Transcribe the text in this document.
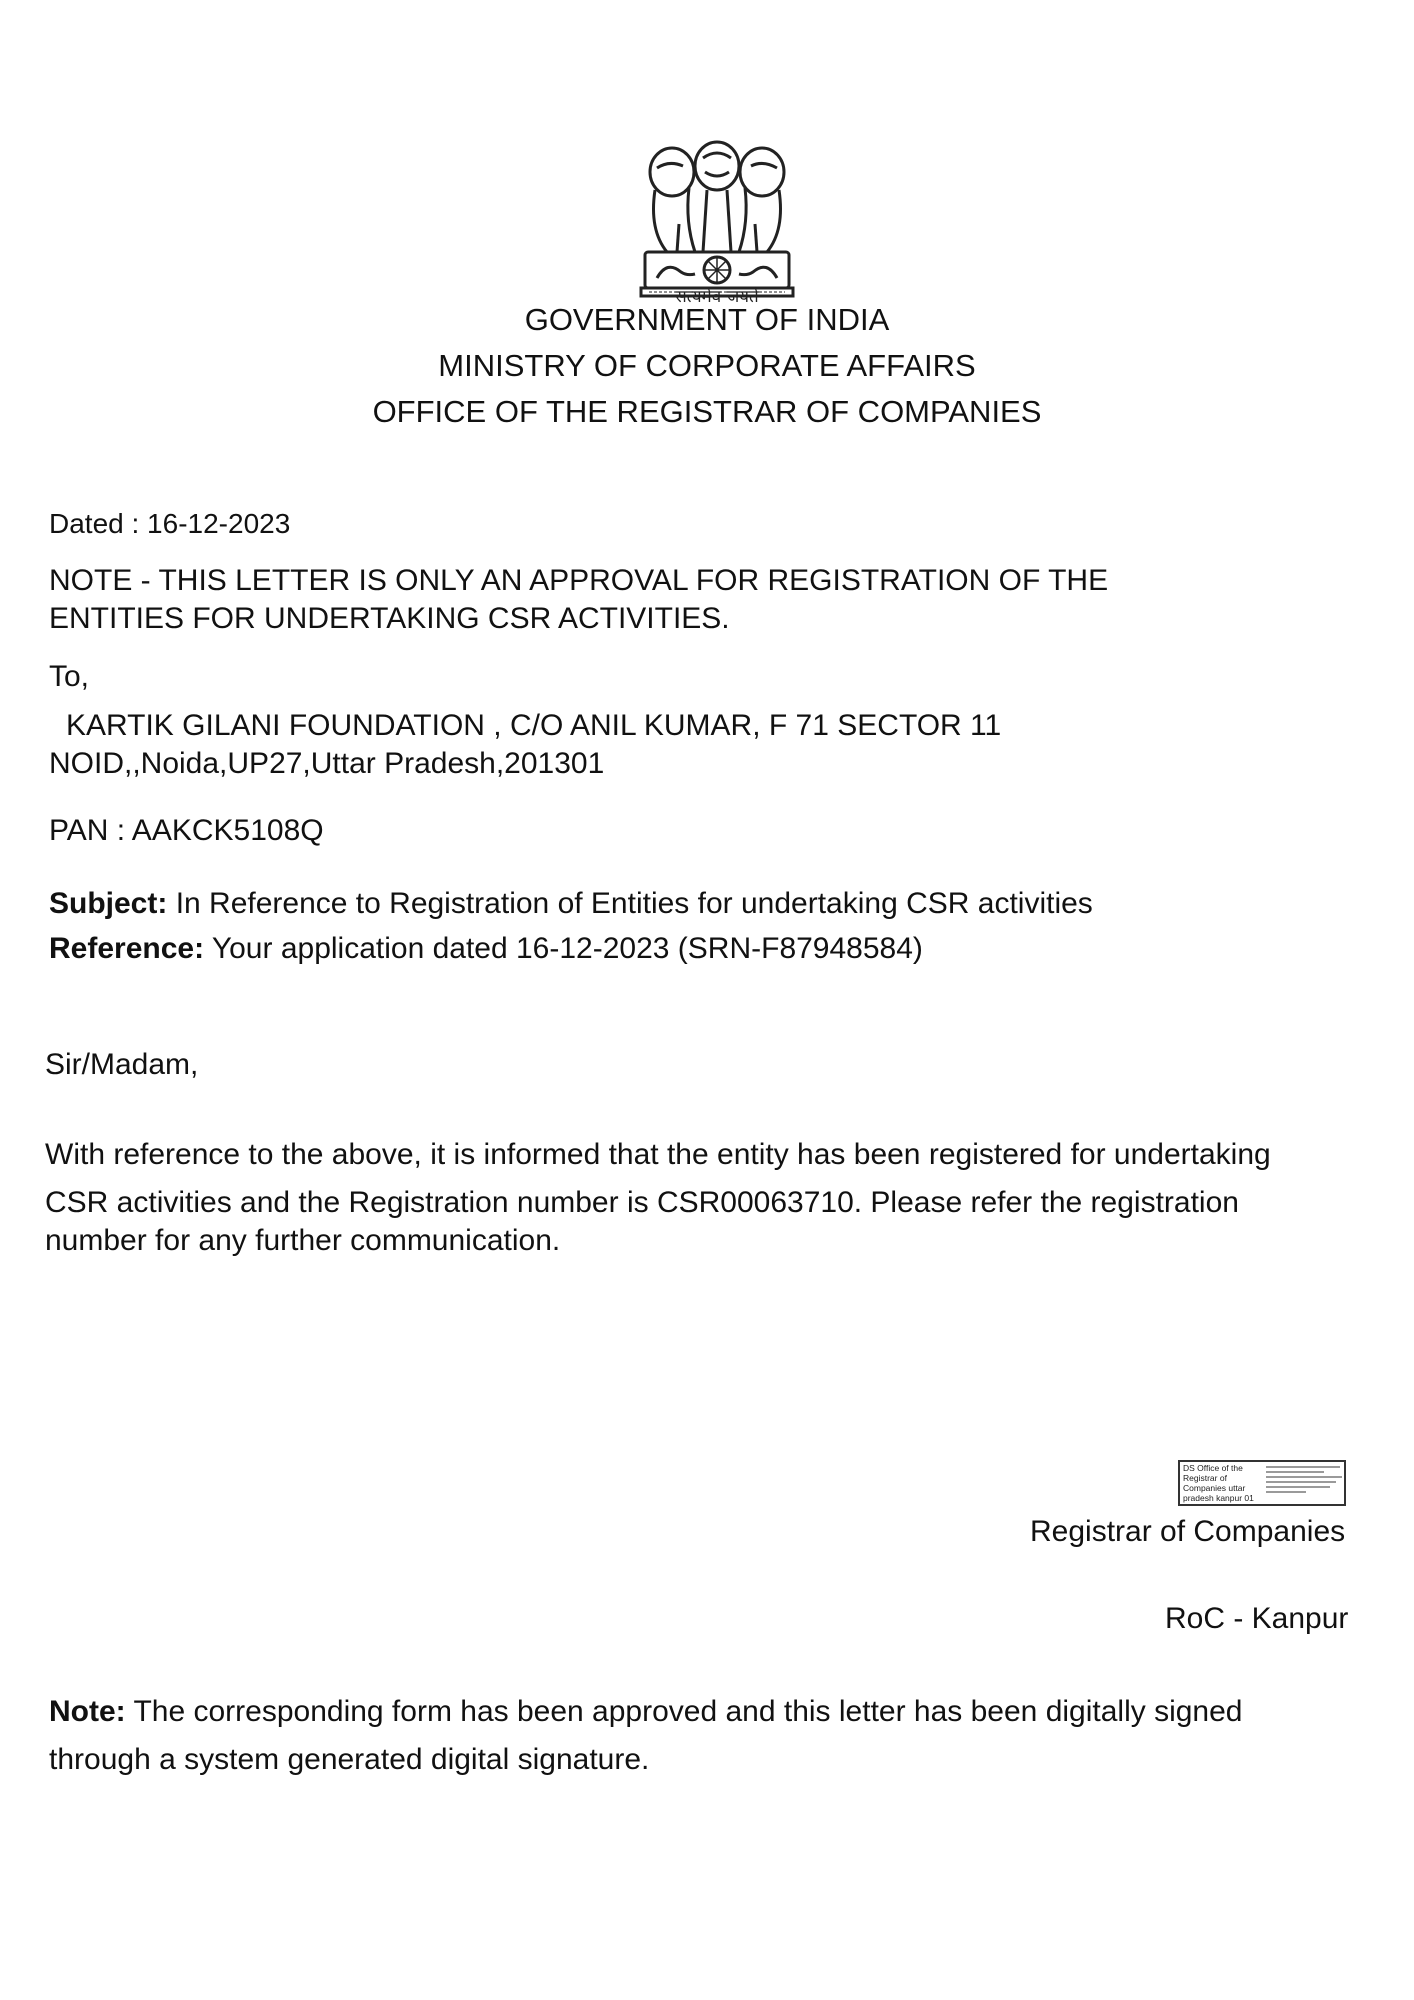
सत्यमेव जयते
GOVERNMENT OF INDIA
MINISTRY OF CORPORATE AFFAIRS
OFFICE OF THE REGISTRAR OF COMPANIES
Dated : 16-12-2023
NOTE - THIS LETTER IS ONLY AN APPROVAL FOR REGISTRATION OF THE
ENTITIES FOR UNDERTAKING CSR ACTIVITIES.
To,
KARTIK GILANI FOUNDATION , C/O ANIL KUMAR, F 71 SECTOR 11
NOID,,Noida,UP27,Uttar Pradesh,201301
PAN : AAKCK5108Q
Subject: In Reference to Registration of Entities for undertaking CSR activities
Reference: Your application dated 16-12-2023 (SRN-F87948584)
Sir/Madam,
With reference to the above, it is informed that the entity has been registered for undertaking
CSR activities and the Registration number is CSR00063710. Please refer the registration
number for any further communication.
DS Office of the
Registrar of
Companies uttar
pradesh kanpur 01
Registrar of Companies
RoC - Kanpur
Note: The corresponding form has been approved and this letter has been digitally signed
through a system generated digital signature.
